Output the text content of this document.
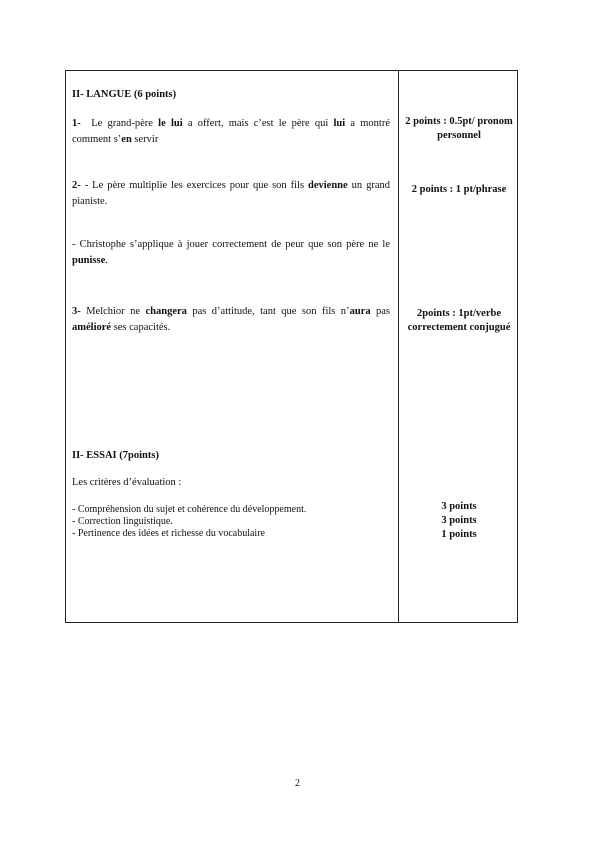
II- LANGUE (6 points)
1- Le grand-père le lui a offert, mais c’est le père qui lui a montré comment s’en servir
2 points : 0.5pt/ pronom personnel
2- - Le père multiplie les exercices pour que son fils devienne un grand pianiste.
2 points : 1 pt/phrase
- Christophe s’applique à jouer correctement de peur que son père ne le punisse.
3- Melchior ne changera pas d’attitude, tant que son fils n’aura pas amélioré ses capacités.
2points : 1pt/verbe correctement conjugué
II- ESSAI (7points)
Les critères d’évaluation :
- Compréhension du sujet et cohérence du développement.
- Correction linguistique.
- Pertinence des idées et richesse du vocabulaire
3 points
3 points
1 points
2
